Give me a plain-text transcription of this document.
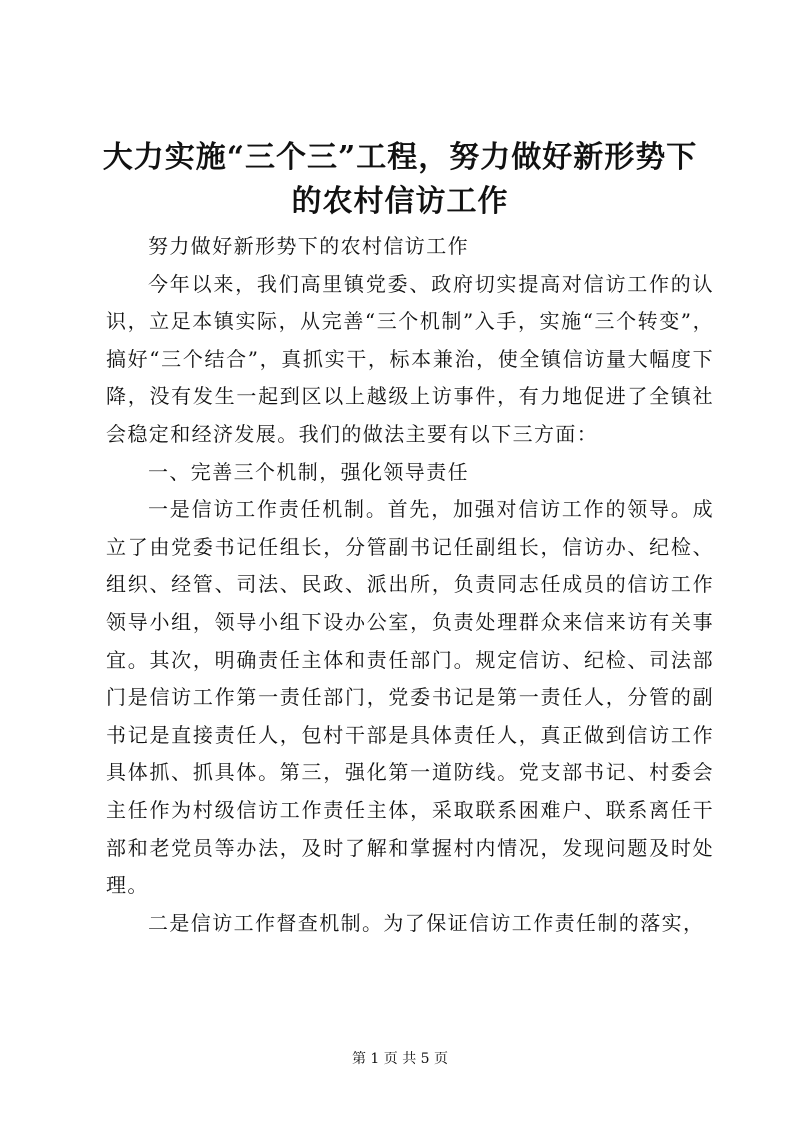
大力实施“三个三”工程，努力做好新形势下
的农村信访工作

努力做好新形势下的农村信访工作

今年以来，我们高里镇党委、政府切实提高对信访工作的认识，立足本镇实际，从完善“三个机制”入手，实施“三个转变”，搞好“三个结合”，真抓实干，标本兼治，使全镇信访量大幅度下降，没有发生一起到区以上越级上访事件，有力地促进了全镇社会稳定和经济发展。我们的做法主要有以下三方面：

一、完善三个机制，强化领导责任

一是信访工作责任机制。首先，加强对信访工作的领导。成立了由党委书记任组长，分管副书记任副组长，信访办、纪检、组织、经管、司法、民政、派出所，负责同志任成员的信访工作领导小组，领导小组下设办公室，负责处理群众来信来访有关事宜。其次，明确责任主体和责任部门。规定信访、纪检、司法部门是信访工作第一责任部门，党委书记是第一责任人，分管的副书记是直接责任人，包村干部是具体责任人，真正做到信访工作具体抓、抓具体。第三，强化第一道防线。党支部书记、村委会主任作为村级信访工作责任主体，采取联系困难户、联系离任干部和老党员等办法，及时了解和掌握村内情况，发现问题及时处理。

二是信访工作督查机制。为了保证信访工作责任制的落实，

第 1 页 共 5 页
